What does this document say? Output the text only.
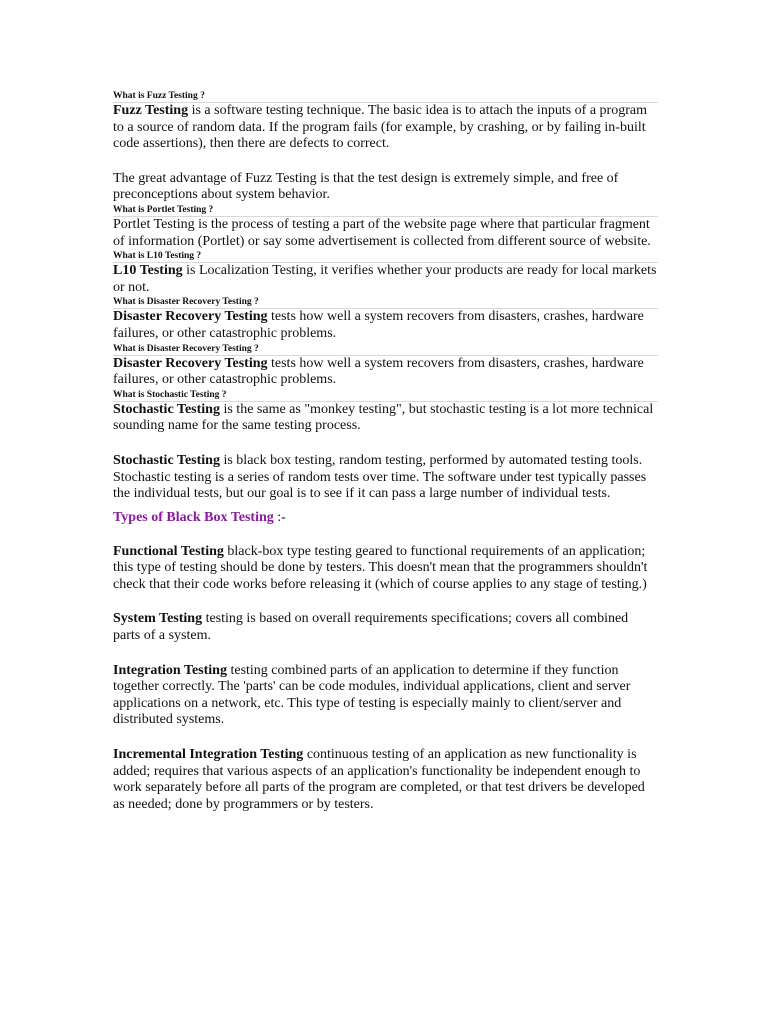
What is Fuzz Testing ?

Fuzz Testing is a software testing technique. The basic idea is to attach the inputs of a program to a source of random data. If the program fails (for example, by crashing, or by failing in-built code assertions), then there are defects to correct.

The great advantage of Fuzz Testing is that the test design is extremely simple, and free of preconceptions about system behavior.

What is Portlet Testing ?

Portlet Testing is the process of testing a part of the website page where that particular fragment of information (Portlet) or say some advertisement is collected from different source of website.

What is L10 Testing ?

L10 Testing is Localization Testing, it verifies whether your products are ready for local markets or not.

What is Disaster Recovery Testing ?

Disaster Recovery Testing tests how well a system recovers from disasters, crashes, hardware failures, or other catastrophic problems.

What is Disaster Recovery Testing ?

Disaster Recovery Testing tests how well a system recovers from disasters, crashes, hardware failures, or other catastrophic problems.

What is Stochastic Testing ?

Stochastic Testing is the same as "monkey testing", but stochastic testing is a lot more technical sounding name for the same testing process.

Stochastic Testing is black box testing, random testing, performed by automated testing tools. Stochastic testing is a series of random tests over time. The software under test typically passes the individual tests, but our goal is to see if it can pass a large number of individual tests.

Types of Black Box Testing :-

Functional Testing black-box type testing geared to functional requirements of an application; this type of testing should be done by testers. This doesn't mean that the programmers shouldn't check that their code works before releasing it (which of course applies to any stage of testing.)

System Testing testing is based on overall requirements specifications; covers all combined parts of a system.

Integration Testing testing combined parts of an application to determine if they function together correctly. The 'parts' can be code modules, individual applications, client and server applications on a network, etc. This type of testing is especially mainly to client/server and distributed systems.

Incremental Integration Testing continuous testing of an application as new functionality is added; requires that various aspects of an application's functionality be independent enough to work separately before all parts of the program are completed, or that test drivers be developed as needed; done by programmers or by testers.
